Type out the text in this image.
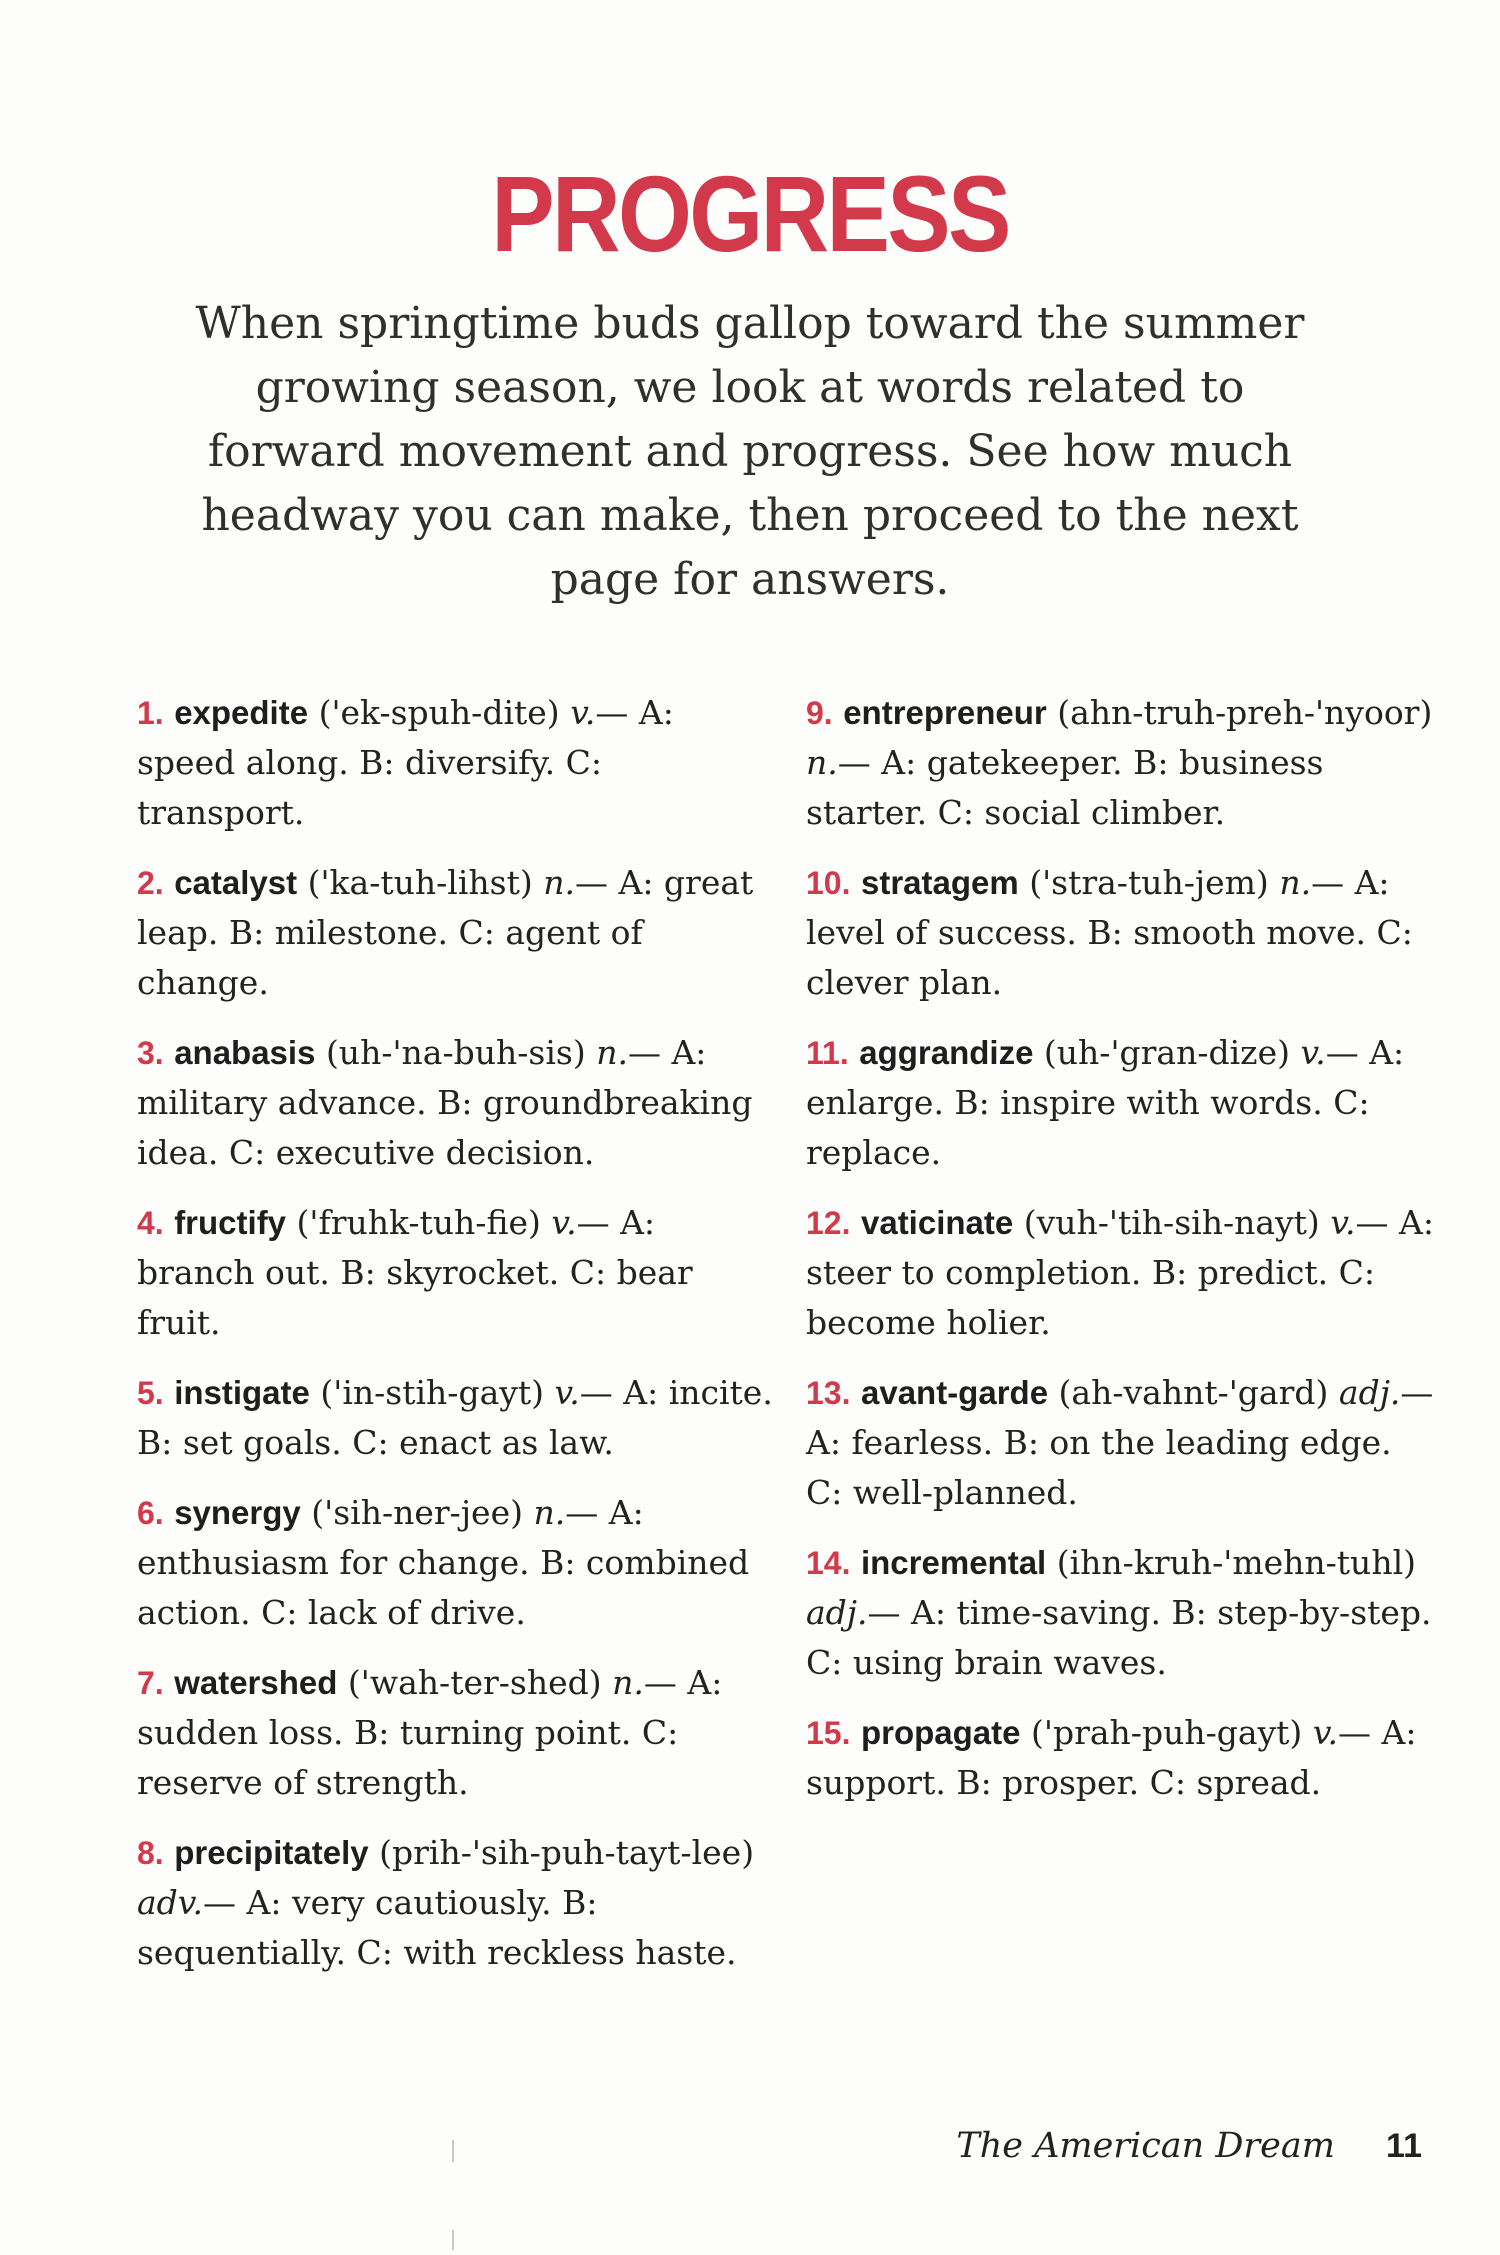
PROGRESS
When springtime buds gallop toward the summer growing season, we look at words related to forward movement and progress. See how much headway you can make, then proceed to the next page for answers.
1. expedite ('ek-spuh-dite) v.— A: speed along. B: diversify. C: transport.
2. catalyst ('ka-tuh-lihst) n.— A: great leap. B: milestone. C: agent of change.
3. anabasis (uh-'na-buh-sis) n.— A: military advance. B: groundbreaking idea. C: executive decision.
4. fructify ('fruhk-tuh-fie) v.— A: branch out. B: skyrocket. C: bear fruit.
5. instigate ('in-stih-gayt) v.— A: incite. B: set goals. C: enact as law.
6. synergy ('sih-ner-jee) n.— A: enthusiasm for change. B: combined action. C: lack of drive.
7. watershed ('wah-ter-shed) n.— A: sudden loss. B: turning point. C: reserve of strength.
8. precipitately (prih-'sih-puh-tayt-lee) adv.— A: very cautiously. B: sequentially. C: with reckless haste.
9. entrepreneur (ahn-truh-preh-'nyoor) n.— A: gatekeeper. B: business starter. C: social climber.
10. stratagem ('stra-tuh-jem) n.— A: level of success. B: smooth move. C: clever plan.
11. aggrandize (uh-'gran-dize) v.— A: enlarge. B: inspire with words. C: replace.
12. vaticinate (vuh-'tih-sih-nayt) v.— A: steer to completion. B: predict. C: become holier.
13. avant-garde (ah-vahnt-'gard) adj.— A: fearless. B: on the leading edge. C: well-planned.
14. incremental (ihn-kruh-'mehn-tuhl) adj.— A: time-saving. B: step-by-step. C: using brain waves.
15. propagate ('prah-puh-gayt) v.— A: support. B: prosper. C: spread.
The American Dream 11
